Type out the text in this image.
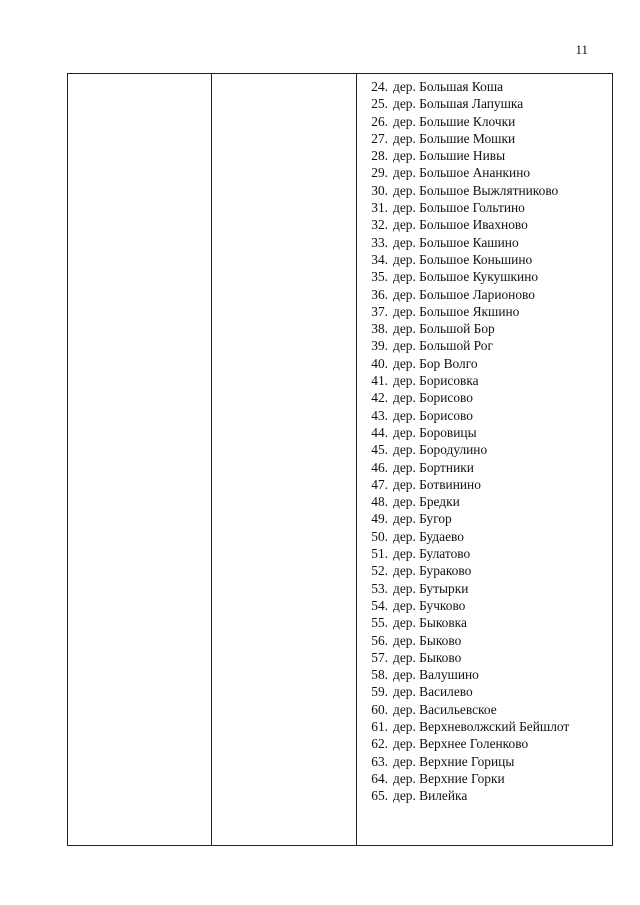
11
24. дер. Большая Коша
25. дер. Большая Лапушка
26. дер. Большие Клочки
27. дер. Большие Мошки
28. дер. Большие Нивы
29. дер. Большое Ананкино
30. дер. Большое Выжлятниково
31. дер. Большое Гольтино
32. дер. Большое Ивахново
33. дер. Большое Кашино
34. дер. Большое Коньшино
35. дер. Большое Кукушкино
36. дер. Большое Ларионово
37. дер. Большое Якшино
38. дер. Большой Бор
39. дер. Большой Рог
40. дер. Бор Волго
41. дер. Борисовка
42. дер. Борисово
43. дер. Борисово
44. дер. Боровицы
45. дер. Бородулино
46. дер. Бортники
47. дер. Ботвинино
48. дер. Бредки
49. дер. Бугор
50. дер. Будаево
51. дер. Булатово
52. дер. Бураково
53. дер. Бутырки
54. дер. Бучково
55. дер. Быковка
56. дер. Быково
57. дер. Быково
58. дер. Валушино
59. дер. Василево
60. дер. Васильевское
61. дер. Верхневолжский Бейшлот
62. дер. Верхнее Голенково
63. дер. Верхние Горицы
64. дер. Верхние Горки
65. дер. Вилейка
